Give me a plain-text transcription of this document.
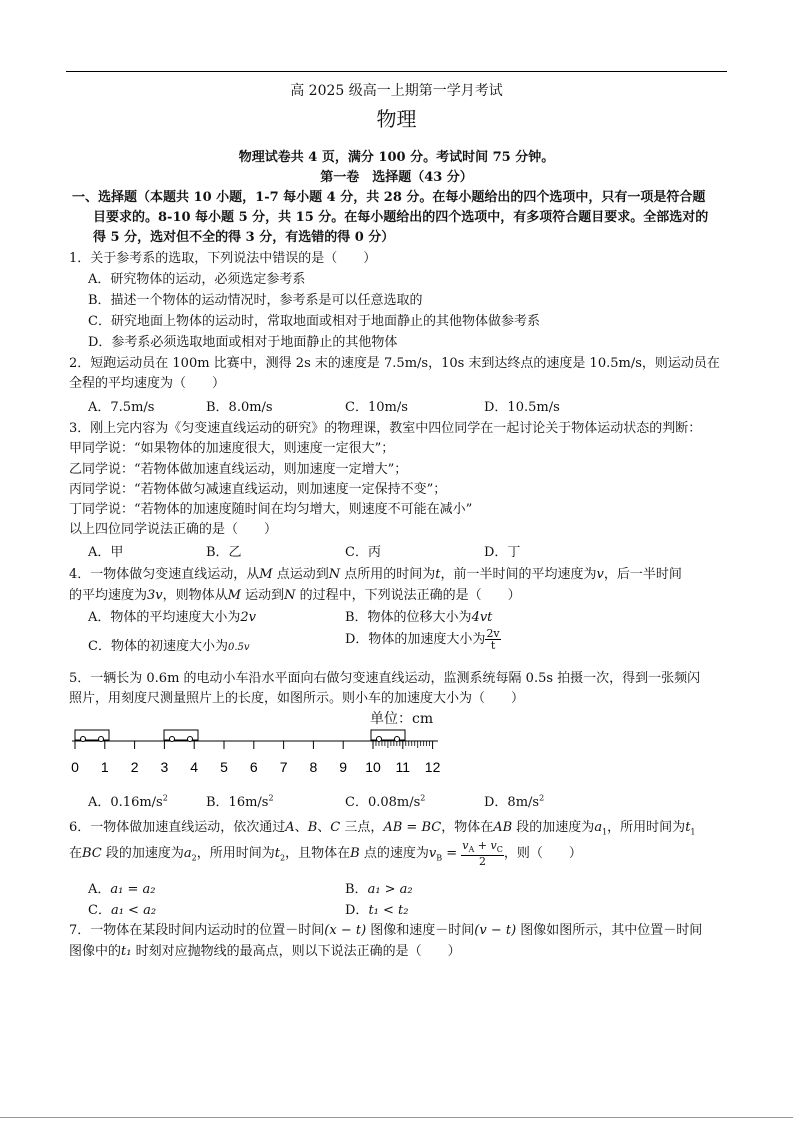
高 2025 级高一上期第一学月考试
物理
物理试卷共 4 页，满分 100 分。考试时间 75 分钟。
第一卷　选择题（43 分）
一、选择题（本题共 10 小题，1-7 每小题 4 分，共 28 分。在每小题给出的四个选项中，只有一项是符合题
目要求的。8-10 每小题 5 分，共 15 分。在每小题给出的四个选项中，有多项符合题目要求。全部选对的
得 5 分，选对但不全的得 3 分，有选错的得 0 分）
1．关于参考系的选取，下列说法中错误的是（　　）
A．研究物体的运动，必须选定参考系
B．描述一个物体的运动情况时，参考系是可以任意选取的
C．研究地面上物体的运动时，常取地面或相对于地面静止的其他物体做参考系
D．参考系必须选取地面或相对于地面静止的其他物体
2．短跑运动员在 100m 比赛中，测得 2s 末的速度是 7.5m/s，10s 末到达终点的速度是 10.5m/s，则运动员在
全程的平均速度为（　　）
A．7.5m/s	B．8.0m/s	C．10m/s	D．10.5m/s
3．刚上完内容为《匀变速直线运动的研究》的物理课，教室中四位同学在一起讨论关于物体运动状态的判断：
甲同学说：“如果物体的加速度很大，则速度一定很大”；
乙同学说：“若物体做加速直线运动，则加速度一定增大”；
丙同学说：“若物体做匀减速直线运动，则加速度一定保持不变”；
丁同学说：“若物体的加速度随时间在均匀增大，则速度不可能在减小”
以上四位同学说法正确的是（　　）
A．甲	B．乙	C．丙	D．丁
4．一物体做匀变速直线运动，从M 点运动到N 点所用的时间为t，前一半时间的平均速度为v，后一半时间
的平均速度为3v，则物体从M 运动到N 的过程中，下列说法正确的是（　　）
A．物体的平均速度大小为2v	B．物体的位移大小为4vt
C．物体的初速度大小为0.5v
D．物体的加速度大小为 $\frac{2v}{t}$
5．一辆长为 0.6m 的电动小车沿水平面向右做匀变速直线运动，监测系统每隔 0.5s 拍摄一次，得到一张频闪
照片，用刻度尺测量照片上的长度，如图所示。则小车的加速度大小为（　　）
单位：cm
0 1 2 3 4 5 6 7 8 9 10 11 12
A．$0.16m/s^2$	B．$16m/s^2$	C．$0.08m/s^2$	D．$8m/s^2$
6．一物体做加速直线运动，依次通过A、B、C 三点，AB = BC，物体在AB 段的加速度为$a_1$，所用时间为$t_1$
在BC 段的加速度为$a_2$，所用时间为$t_2$，且物体在B 点的速度为$v_B = \frac{v_A + v_C}{2}$ ，则（　　）
A．a₁ = a₂	B．a₁ > a₂
C．a₁ < a₂	D．t₁ < t₂
7．一物体在某段时间内运动时的位置－时间(x − t) 图像和速度－时间(v − t) 图像如图所示，其中位置－时间
图像中的t₁ 时刻对应抛物线的最高点，则以下说法正确的是（　　）
